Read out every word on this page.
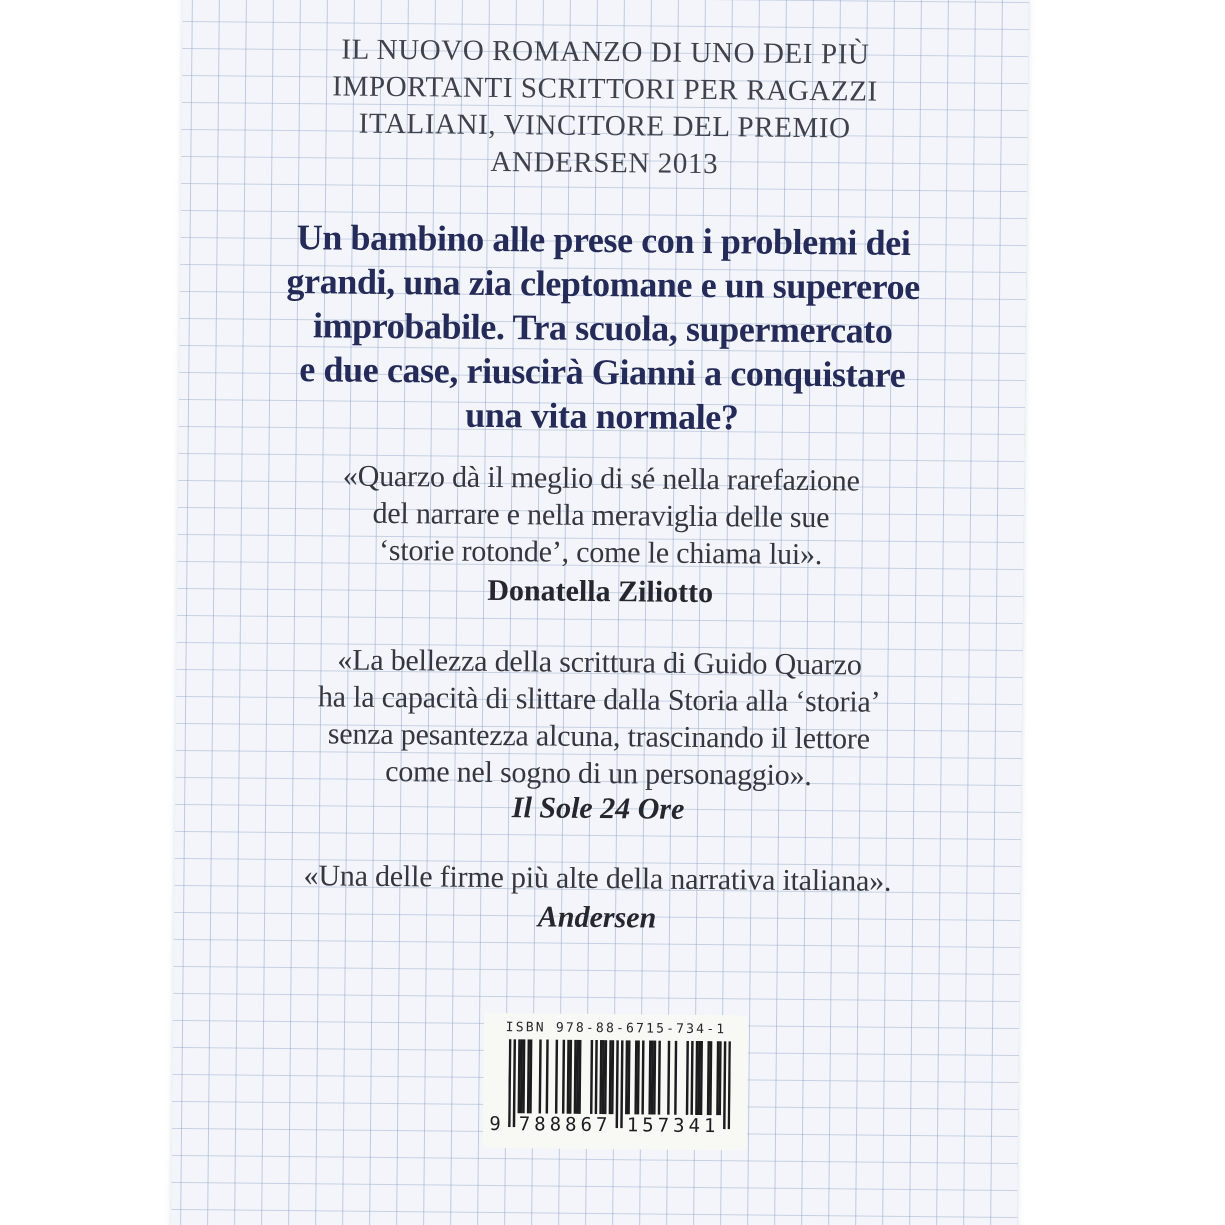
IL NUOVO ROMANZO DI UNO DEI PIÙ
IMPORTANTI SCRITTORI PER RAGAZZI
ITALIANI, VINCITORE DEL PREMIO
ANDERSEN 2013
Un bambino alle prese con i problemi dei
grandi, una zia cleptomane e un supereroe
improbabile. Tra scuola, supermercato
e due case, riuscirà Gianni a conquistare
una vita normale?
«Quarzo dà il meglio di sé nella rarefazione
del narrare e nella meraviglia delle sue
‘storie rotonde’, come le chiama lui».
Donatella Ziliotto
«La bellezza della scrittura di Guido Quarzo
ha la capacità di slittare dalla Storia alla ‘storia’
senza pesantezza alcuna, trascinando il lettore
come nel sogno di un personaggio».
Il Sole 24 Ore
«Una delle firme più alte della narrativa italiana».
Andersen
ISBN 978-88-6715-734-1
9 788867 157341
